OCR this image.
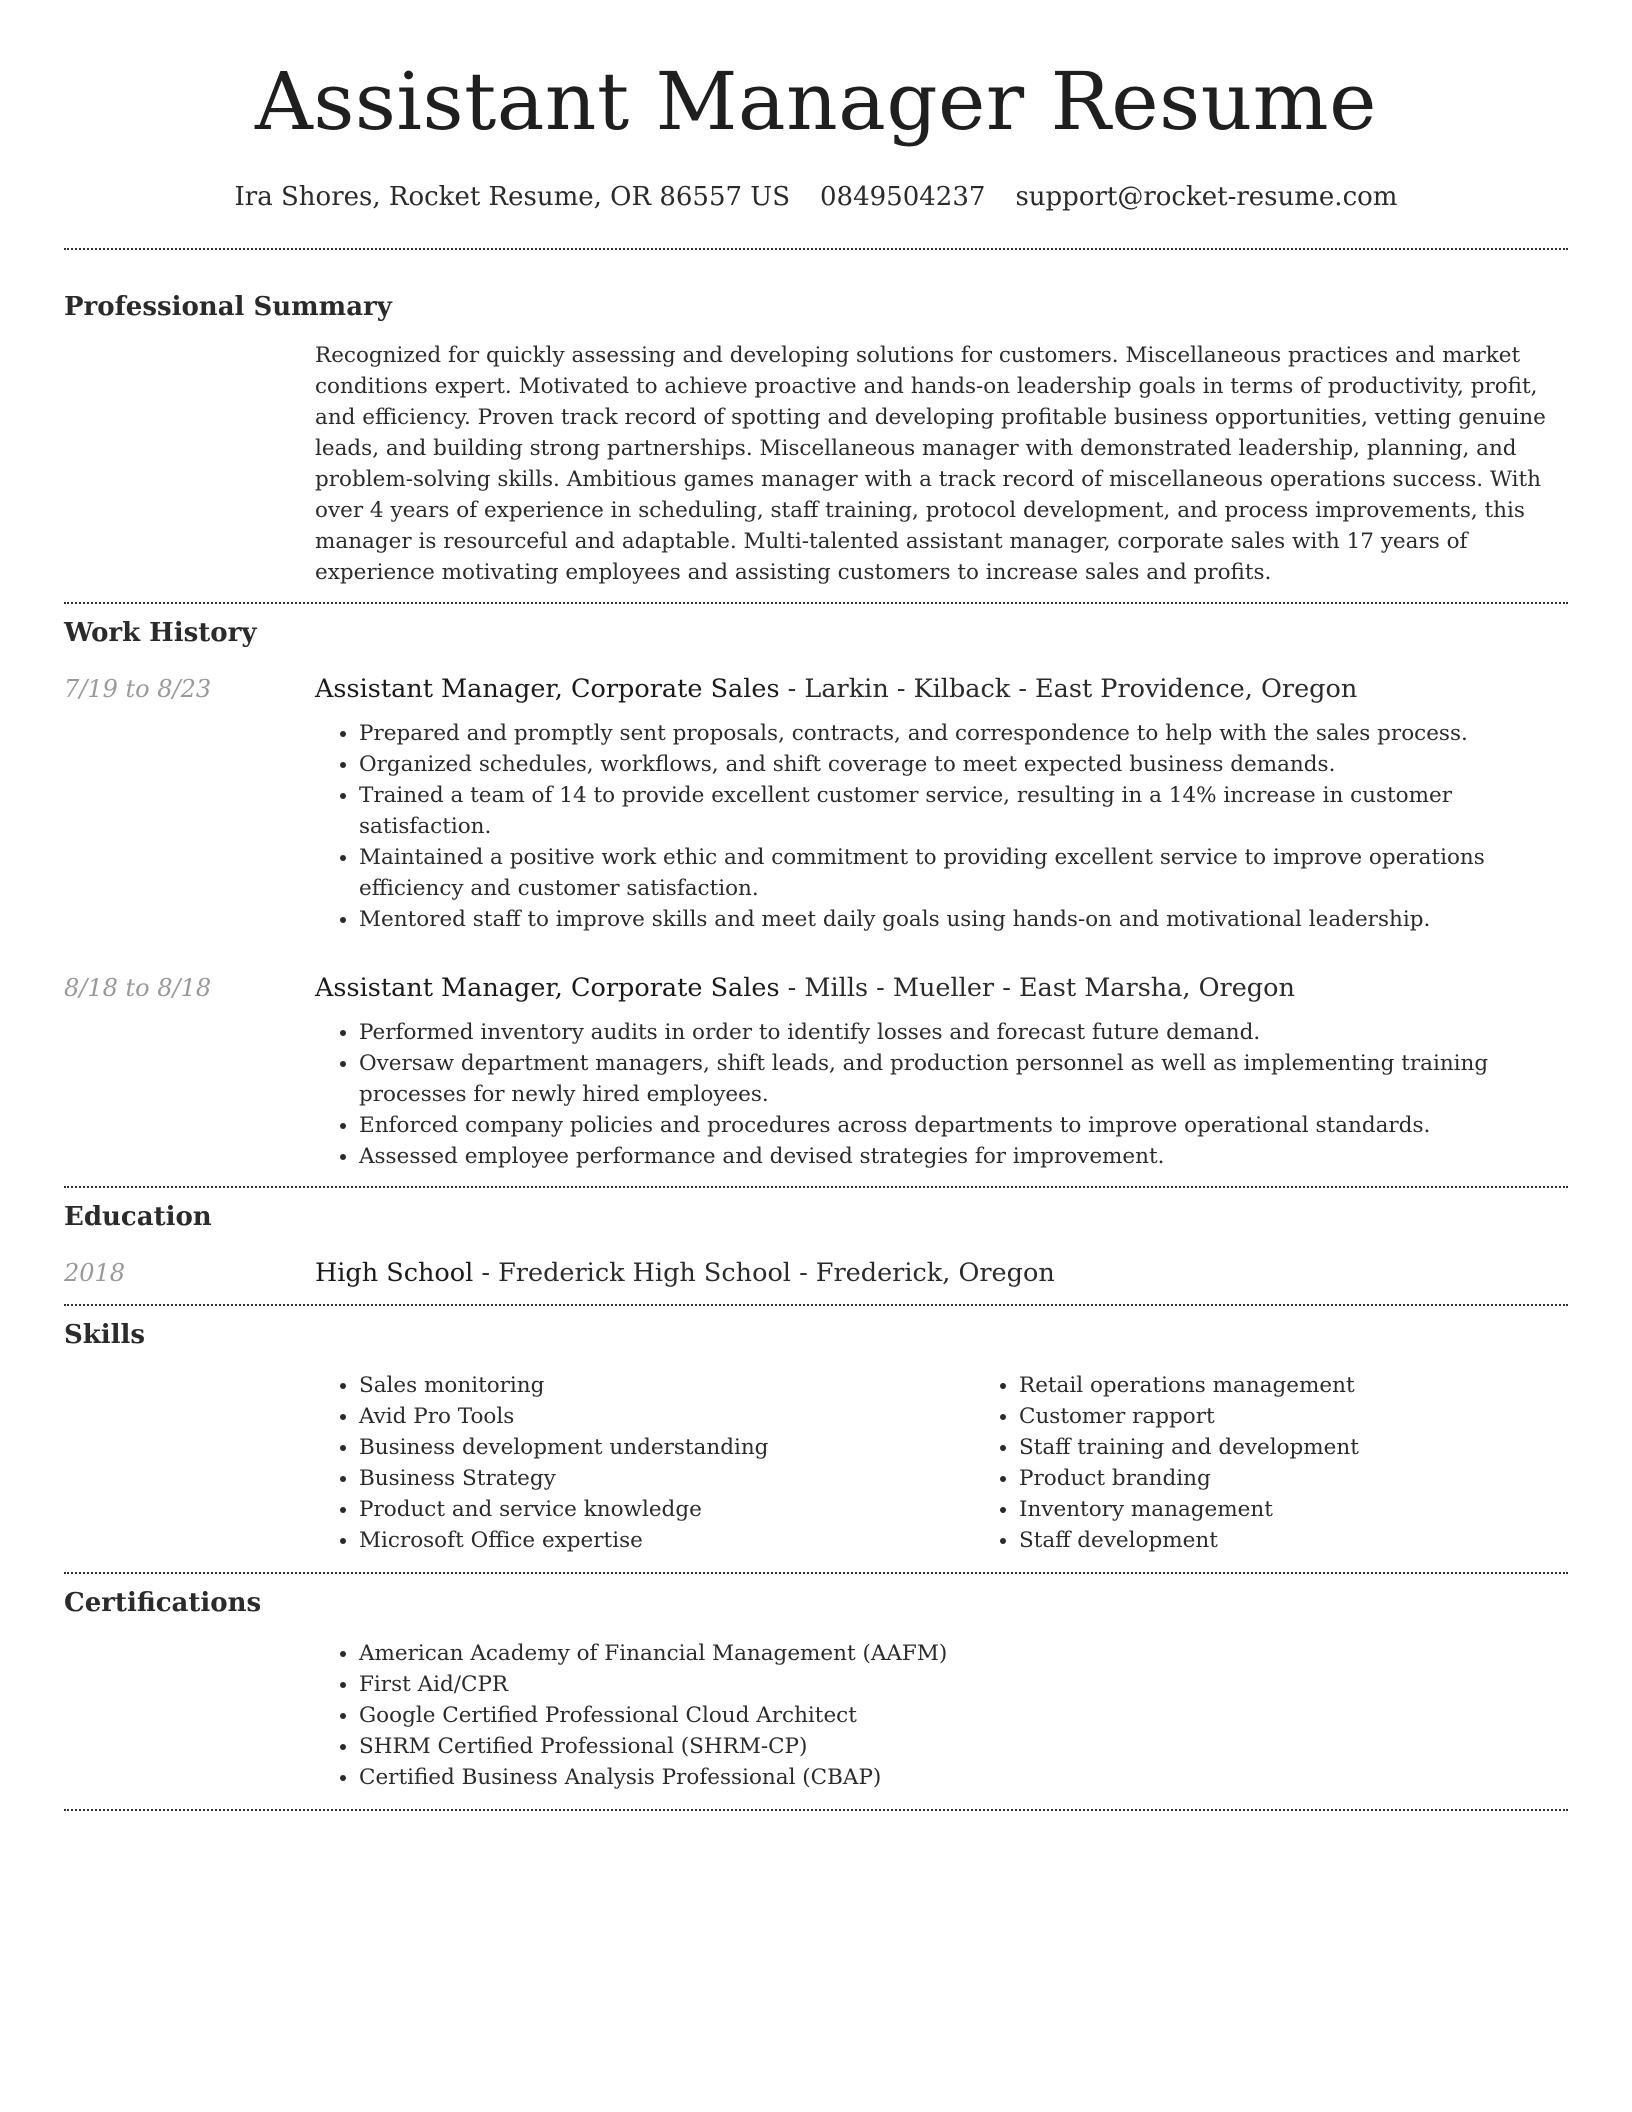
Assistant Manager Resume
Ira Shores, Rocket Resume, OR 86557 US 0849504237 support@rocket-resume.com
Professional Summary

Recognized for quickly assessing and developing solutions for customers. Miscellaneous practices and market conditions expert. Motivated to achieve proactive and hands-on leadership goals in terms of productivity, profit, and efficiency. Proven track record of spotting and developing profitable business opportunities, vetting genuine leads, and building strong partnerships. Miscellaneous manager with demonstrated leadership, planning, and problem-solving skills. Ambitious games manager with a track record of miscellaneous operations success. With over 4 years of experience in scheduling, staff training, protocol development, and process improvements, this manager is resourceful and adaptable. Multi-talented assistant manager, corporate sales with 17 years of experience motivating employees and assisting customers to increase sales and profits.

Work History
7/19 to 8/23	Assistant Manager, Corporate Sales - Larkin - Kilback - East Providence, Oregon
• Prepared and promptly sent proposals, contracts, and correspondence to help with the sales process.
• Organized schedules, workflows, and shift coverage to meet expected business demands.
• Trained a team of 14 to provide excellent customer service, resulting in a 14% increase in customer satisfaction.
• Maintained a positive work ethic and commitment to providing excellent service to improve operations efficiency and customer satisfaction.
• Mentored staff to improve skills and meet daily goals using hands-on and motivational leadership.
8/18 to 8/18	Assistant Manager, Corporate Sales - Mills - Mueller - East Marsha, Oregon
• Performed inventory audits in order to identify losses and forecast future demand.
• Oversaw department managers, shift leads, and production personnel as well as implementing training processes for newly hired employees.
• Enforced company policies and procedures across departments to improve operational standards.
• Assessed employee performance and devised strategies for improvement.
Education
2018	High School - Frederick High School - Frederick, Oregon
Skills
• Sales monitoring
• Avid Pro Tools
• Business development understanding
• Business Strategy
• Product and service knowledge
• Microsoft Office expertise
• Retail operations management
• Customer rapport
• Staff training and development
• Product branding
• Inventory management
• Staff development
Certifications
• American Academy of Financial Management (AAFM)
• First Aid/CPR
• Google Certified Professional Cloud Architect
• SHRM Certified Professional (SHRM-CP)
• Certified Business Analysis Professional (CBAP)
